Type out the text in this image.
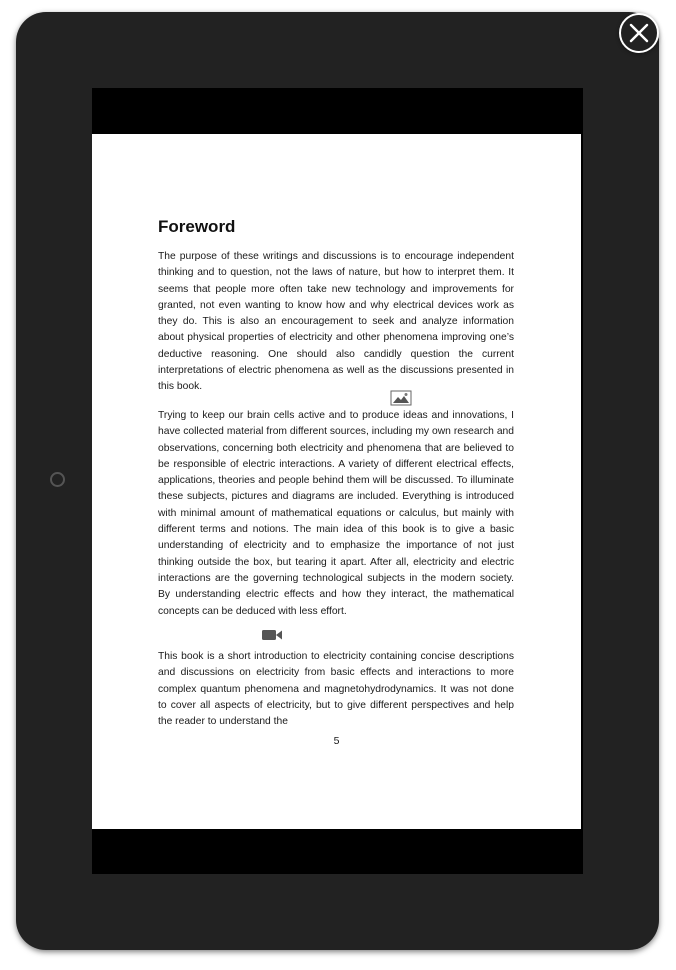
Foreword

The purpose of these writings and discussions is to encourage independent thinking and to question, not the laws of nature, but how to interpret them. It seems that people more often take new technology and improvements for granted, not even wanting to know how and why electrical devices work as they do. This is also an encouragement to seek and analyze information about physical properties of electricity and other phenomena improving one’s deductive reasoning. One should also candidly question the current interpretations of electric phenomena as well as the discussions presented in this book.

Trying to keep our brain cells active and to produce ideas and innovations, I have collected material from different sources, including my own research and observations, concerning both electricity and phenomena that are believed to be responsible of electric interactions. A variety of different electrical effects, applications, theories and people behind them will be discussed. To illuminate these subjects, pictures and diagrams are included. Everything is introduced with minimal amount of mathematical equations or calculus, but mainly with different terms and notions. The main idea of this book is to give a basic understanding of electricity and to emphasize the importance of not just thinking outside the box, but tearing it apart. After all, electricity and electric interactions are the governing technological subjects in the modern society. By understanding electric effects and how they interact, the mathematical concepts can be deduced with less effort.

This book is a short introduction to electricity containing concise descriptions and discussions on electricity from basic effects and interactions to more complex quantum phenomena and magnetohydrodynamics. It was not done to cover all aspects of electricity, but to give different perspectives and help the reader to understand the

5
